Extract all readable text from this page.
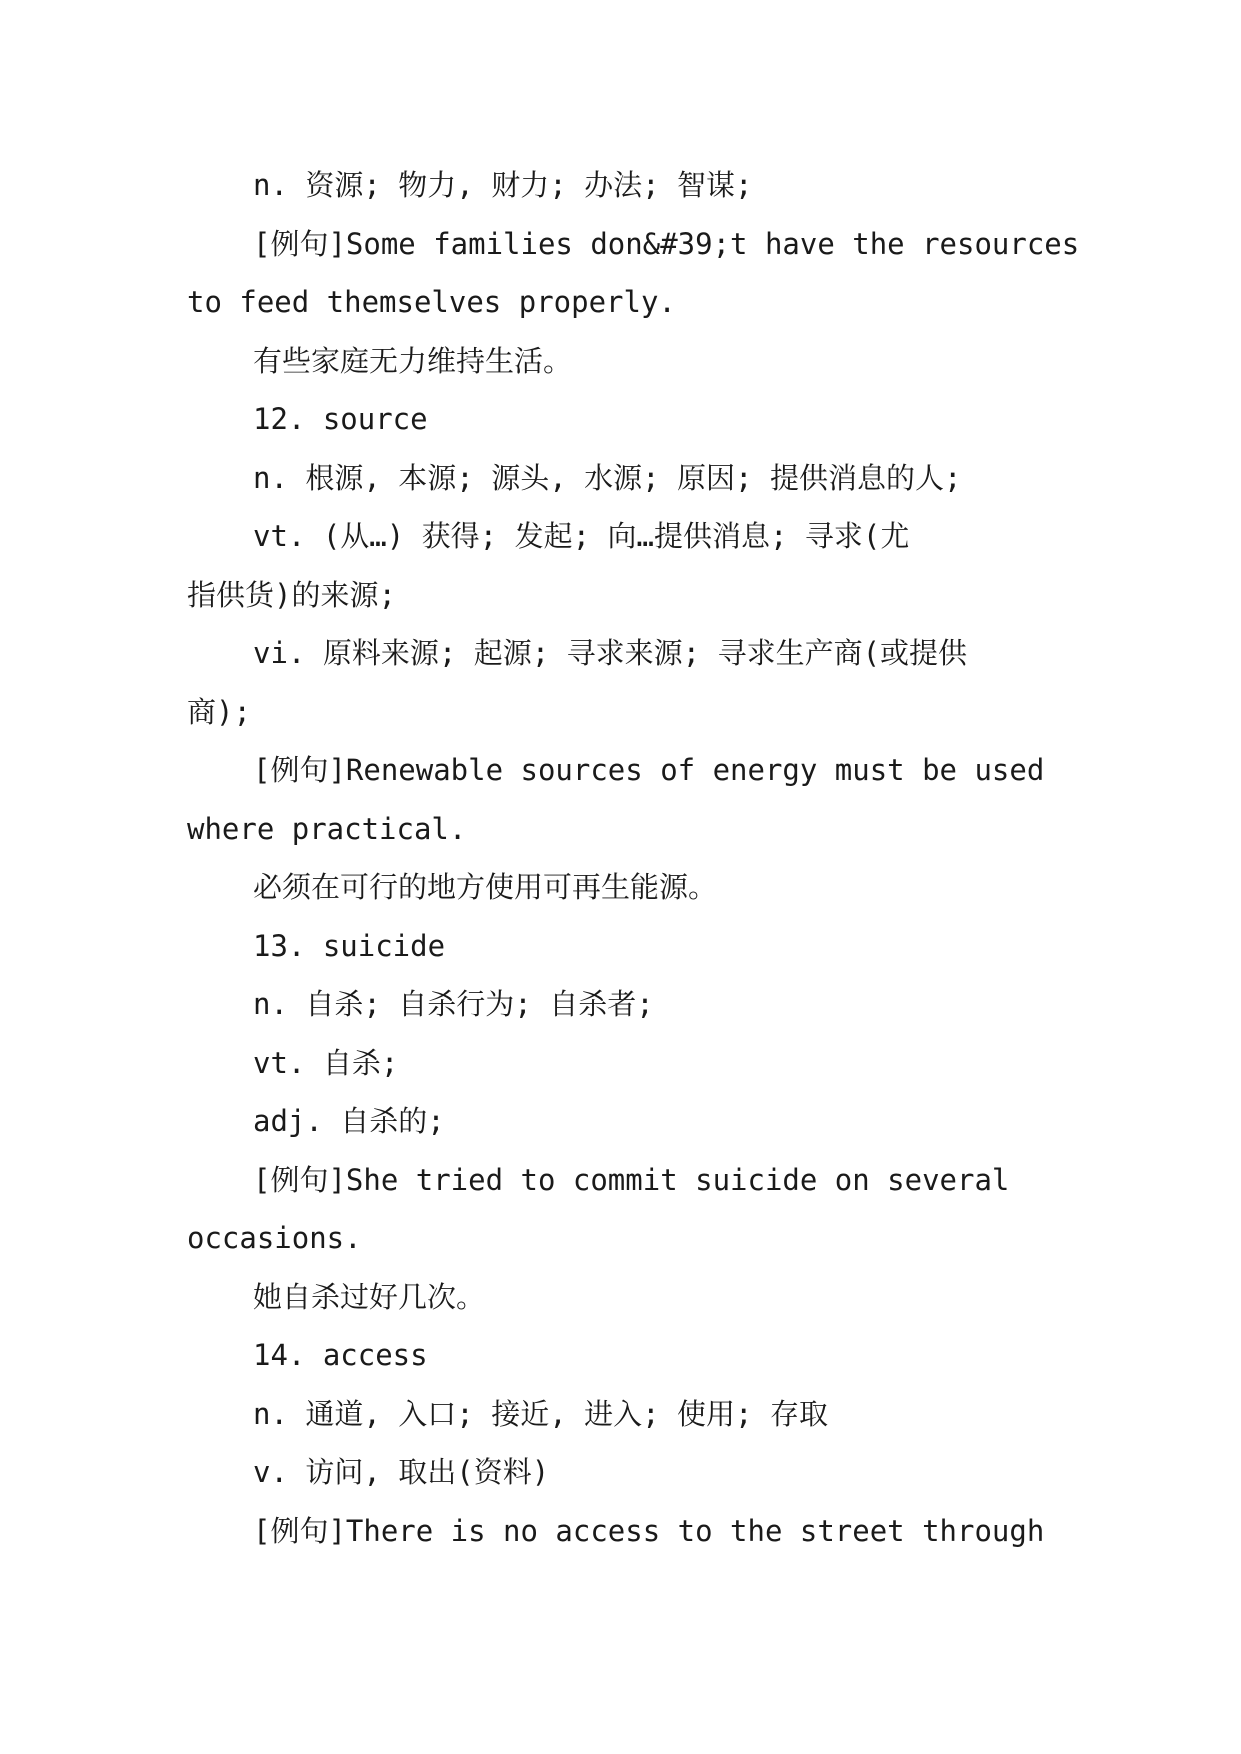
n. 资源; 物力, 财力; 办法; 智谋;
[例句]Some families don&#39;t have the resources
to feed themselves properly.
有些家庭无力维持生活。
12. source
n. 根源, 本源; 源头, 水源; 原因; 提供消息的人;
vt. (从…) 获得; 发起; 向…提供消息; 寻求(尤
指供货)的来源;
vi. 原料来源; 起源; 寻求来源; 寻求生产商(或提供
商);
[例句]Renewable sources of energy must be used
where practical.
必须在可行的地方使用可再生能源。
13. suicide
n. 自杀; 自杀行为; 自杀者;
vt. 自杀;
adj. 自杀的;
[例句]She tried to commit suicide on several
occasions.
她自杀过好几次。
14. access
n. 通道, 入口; 接近, 进入; 使用; 存取
v. 访问, 取出(资料)
[例句]There is no access to the street through
